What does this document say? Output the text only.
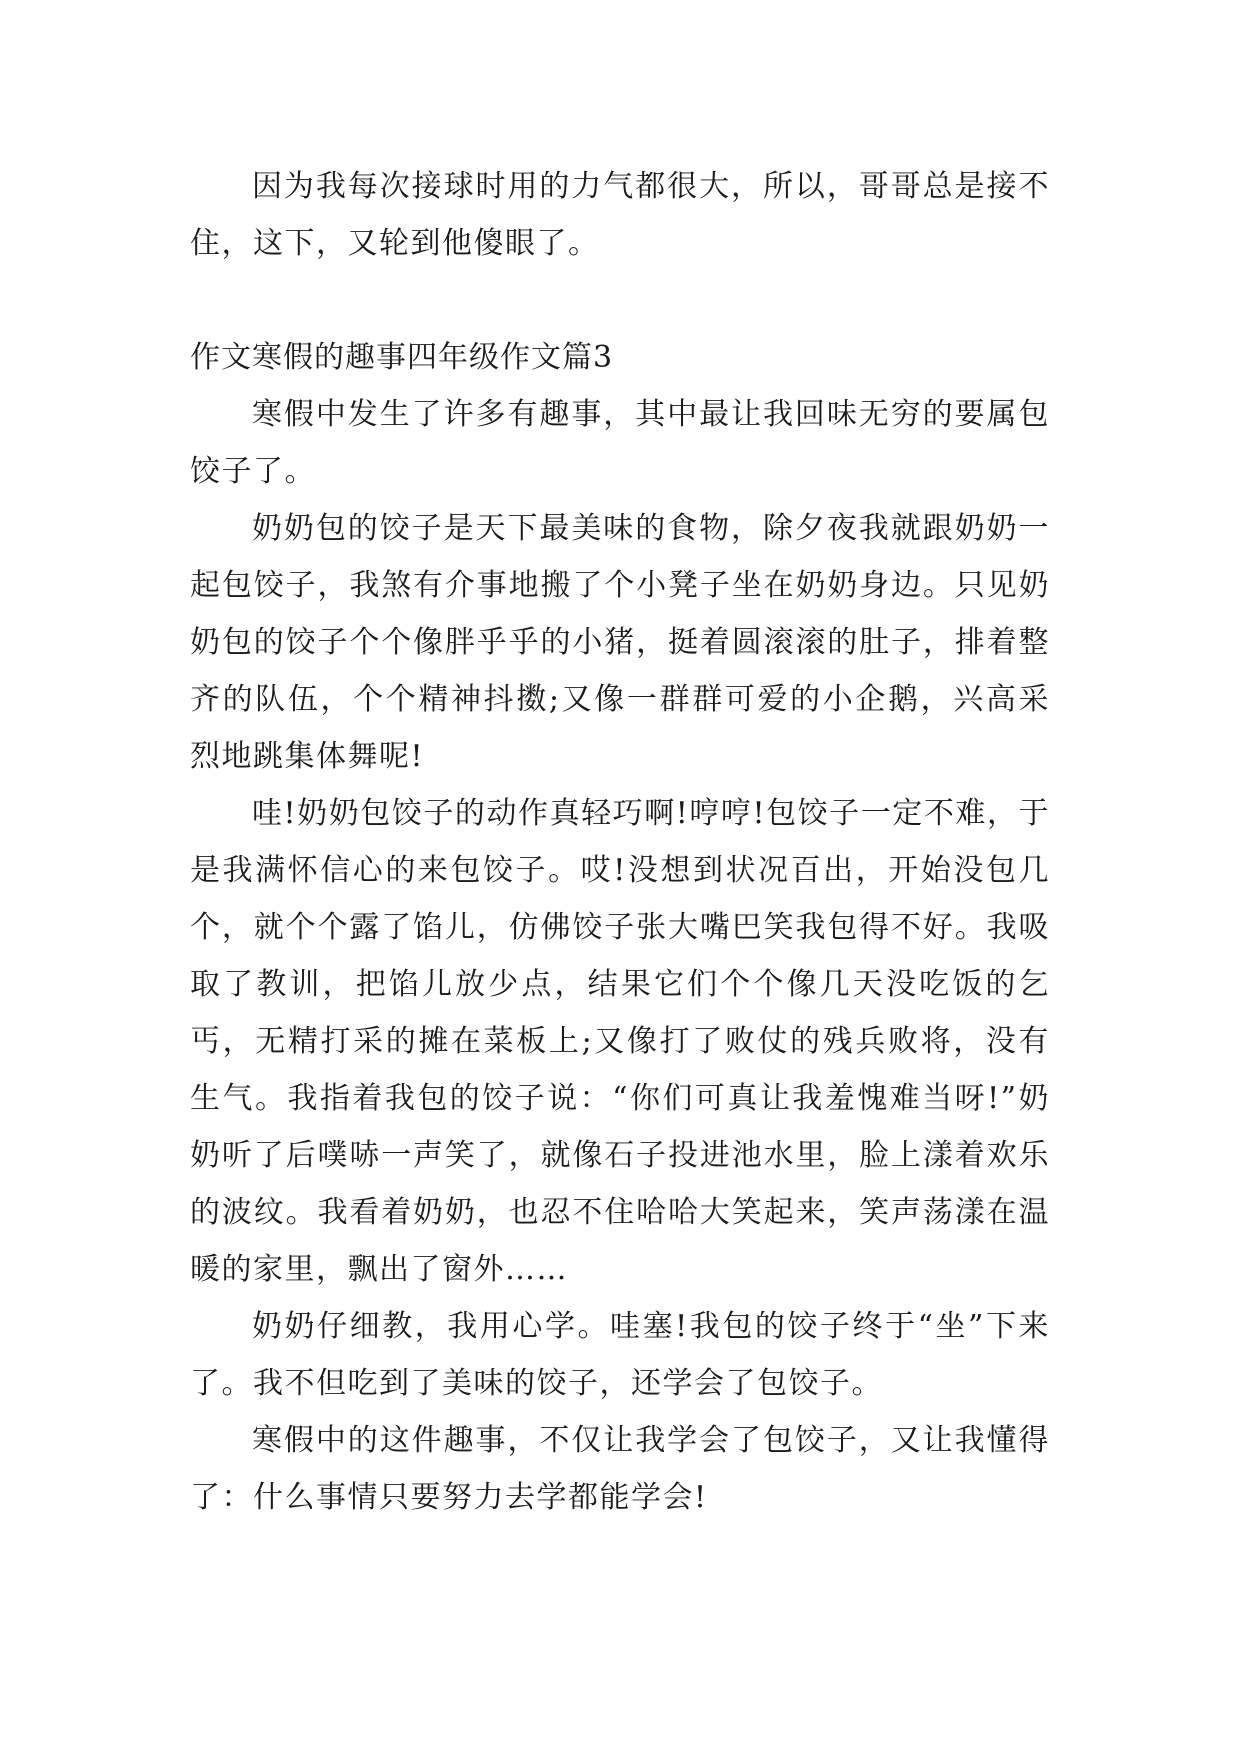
因为我每次接球时用的力气都很大，所以，哥哥总是接不住，这下，又轮到他傻眼了。

作文寒假的趣事四年级作文篇3

寒假中发生了许多有趣事，其中最让我回味无穷的要属包饺子了。

奶奶包的饺子是天下最美味的食物，除夕夜我就跟奶奶一起包饺子，我煞有介事地搬了个小凳子坐在奶奶身边。只见奶奶包的饺子个个像胖乎乎的小猪，挺着圆滚滚的肚子，排着整齐的队伍，个个精神抖擞;又像一群群可爱的小企鹅，兴高采烈地跳集体舞呢!

哇!奶奶包饺子的动作真轻巧啊!哼哼!包饺子一定不难，于是我满怀信心的来包饺子。哎!没想到状况百出，开始没包几个，就个个露了馅儿，仿佛饺子张大嘴巴笑我包得不好。我吸取了教训，把馅儿放少点，结果它们个个像几天没吃饭的乞丐，无精打采的摊在菜板上;又像打了败仗的残兵败将，没有生气。我指着我包的饺子说：“你们可真让我羞愧难当呀!”奶奶听了后噗哧一声笑了，就像石子投进池水里，脸上漾着欢乐的波纹。我看着奶奶，也忍不住哈哈大笑起来，笑声荡漾在温暖的家里，飘出了窗外……

奶奶仔细教，我用心学。哇塞!我包的饺子终于“坐”下来了。我不但吃到了美味的饺子，还学会了包饺子。

寒假中的这件趣事，不仅让我学会了包饺子，又让我懂得了：什么事情只要努力去学都能学会!
